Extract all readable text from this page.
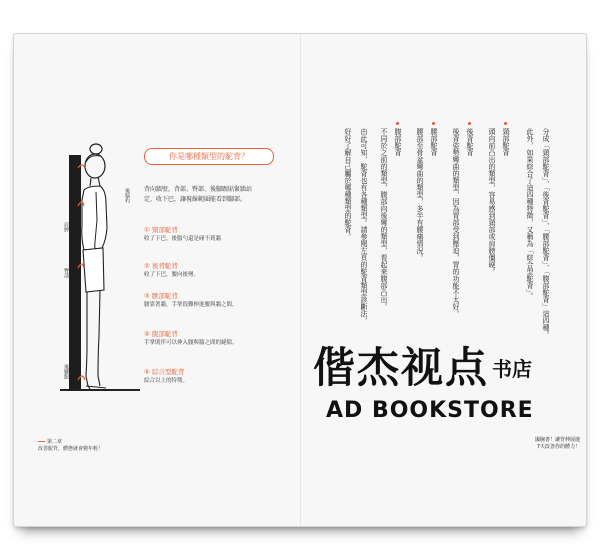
後腦杓
肩胛
臀部
後腳跟
你是哪種類型的駝背？
背向牆壁，背部、臀部、後腳跟貼緊牆站定，收下巴，讓視線範圍能看到腳部。
① 頸部駝背
收了下巴，後腦勺還是碰不到牆
② 後背駝背
收了下巴，腰向後彎。
③ 腰部駝背
腰靠著牆，手掌很難伸進腰與牆之間。
④ 腹部駝背
手掌則伴可以伸入腰與牆之間的縫隙。
⑤ 綜合型駝背
綜合以上的特徵。
第二章
改善駝背，體態就會變年輕！
分成「頸部駝背」、「後背駝背」、「腰部駝背」、「腹部駝背」這四種。
此外，如果綜合了這四種特徵，又稱為「綜合型駝背」。
頸部駝背
頭向前凸出的類型，容易感到頸部或肩膀僵硬。
後背駝背
後背姿勢彎曲的類型，因為胃部受到壓迫，胃的功能不太好。
腰部駝背
腰部至骨盆彎曲的類型，多半有腰痛情況。
腹部駝背
不同於之前的類型，腹部向後彎的類型，看起來腹部凸出。
由此可知，駝背也有各種類型。請參閱左頁的駝背類型診斷法，
好好了解自己屬於哪種類型的駝背。
國胸書！讓背伸展運
7天改善你的體力！
偕杰视点 书店
AD BOOKSTORE
